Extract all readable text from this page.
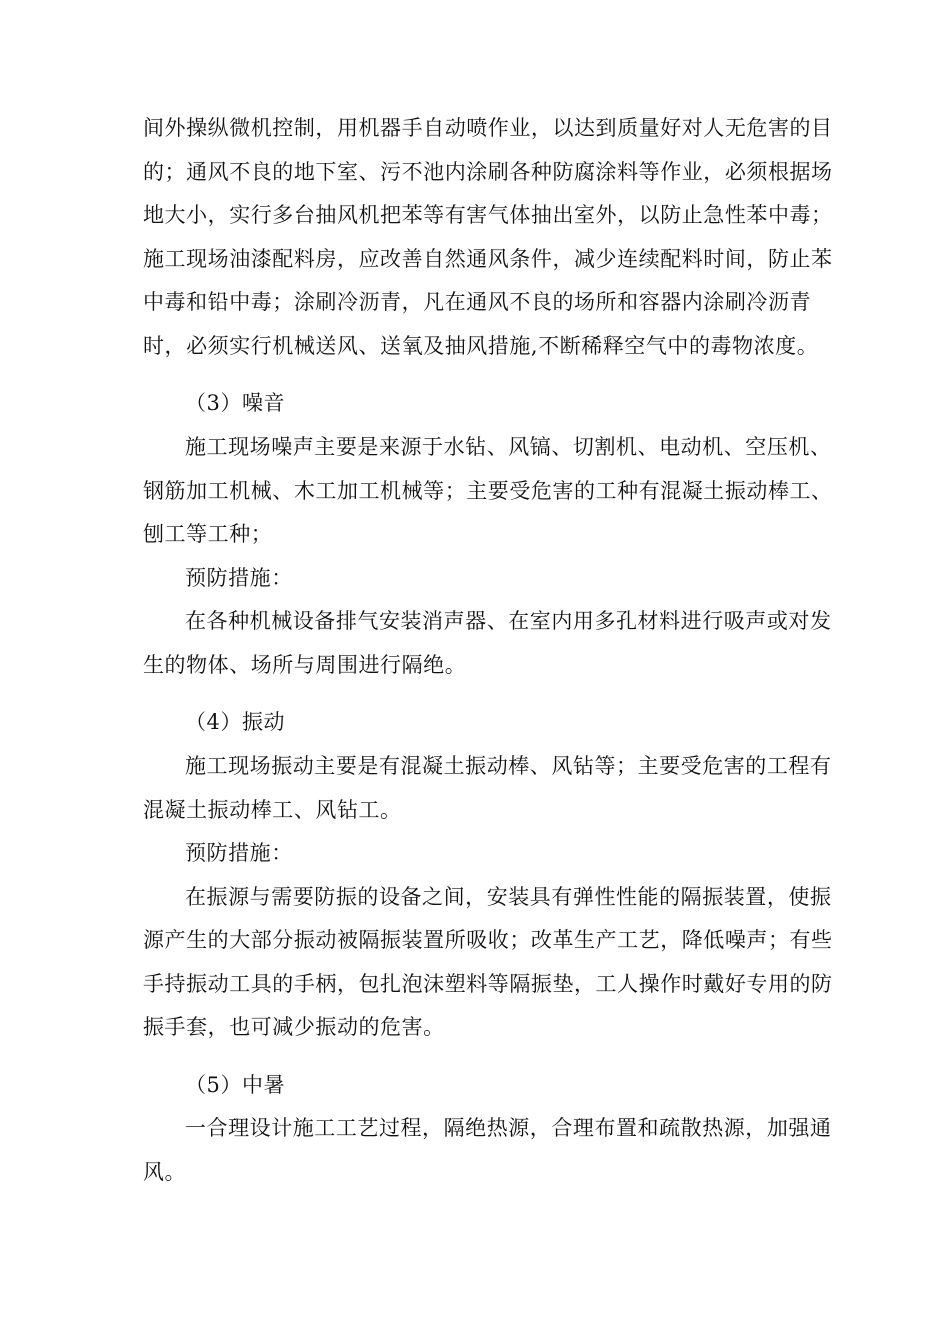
间外操纵微机控制，用机器手自动喷作业，以达到质量好对人无危害的目
的；通风不良的地下室、污不池内涂刷各种防腐涂料等作业，必须根据场
地大小，实行多台抽风机把苯等有害气体抽出室外，以防止急性苯中毒；
施工现场油漆配料房，应改善自然通风条件，减少连续配料时间，防止苯
中毒和铅中毒；涂刷冷沥青，凡在通风不良的场所和容器内涂刷冷沥青
时，必须实行机械送风、送氧及抽风措施,不断稀释空气中的毒物浓度。
（3）噪音
施工现场噪声主要是来源于水钻、风镐、切割机、电动机、空压机、
钢筋加工机械、木工加工机械等；主要受危害的工种有混凝土振动棒工、
刨工等工种；
预防措施：
在各种机械设备排气安装消声器、在室内用多孔材料进行吸声或对发
生的物体、场所与周围进行隔绝。
（4）振动
施工现场振动主要是有混凝土振动棒、风钻等；主要受危害的工程有
混凝土振动棒工、风钻工。
预防措施：
在振源与需要防振的设备之间，安装具有弹性性能的隔振装置，使振
源产生的大部分振动被隔振装置所吸收；改革生产工艺，降低噪声；有些
手持振动工具的手柄，包扎泡沫塑料等隔振垫，工人操作时戴好专用的防
振手套，也可减少振动的危害。
（5）中暑
一合理设计施工工艺过程，隔绝热源，合理布置和疏散热源，加强通
风。
